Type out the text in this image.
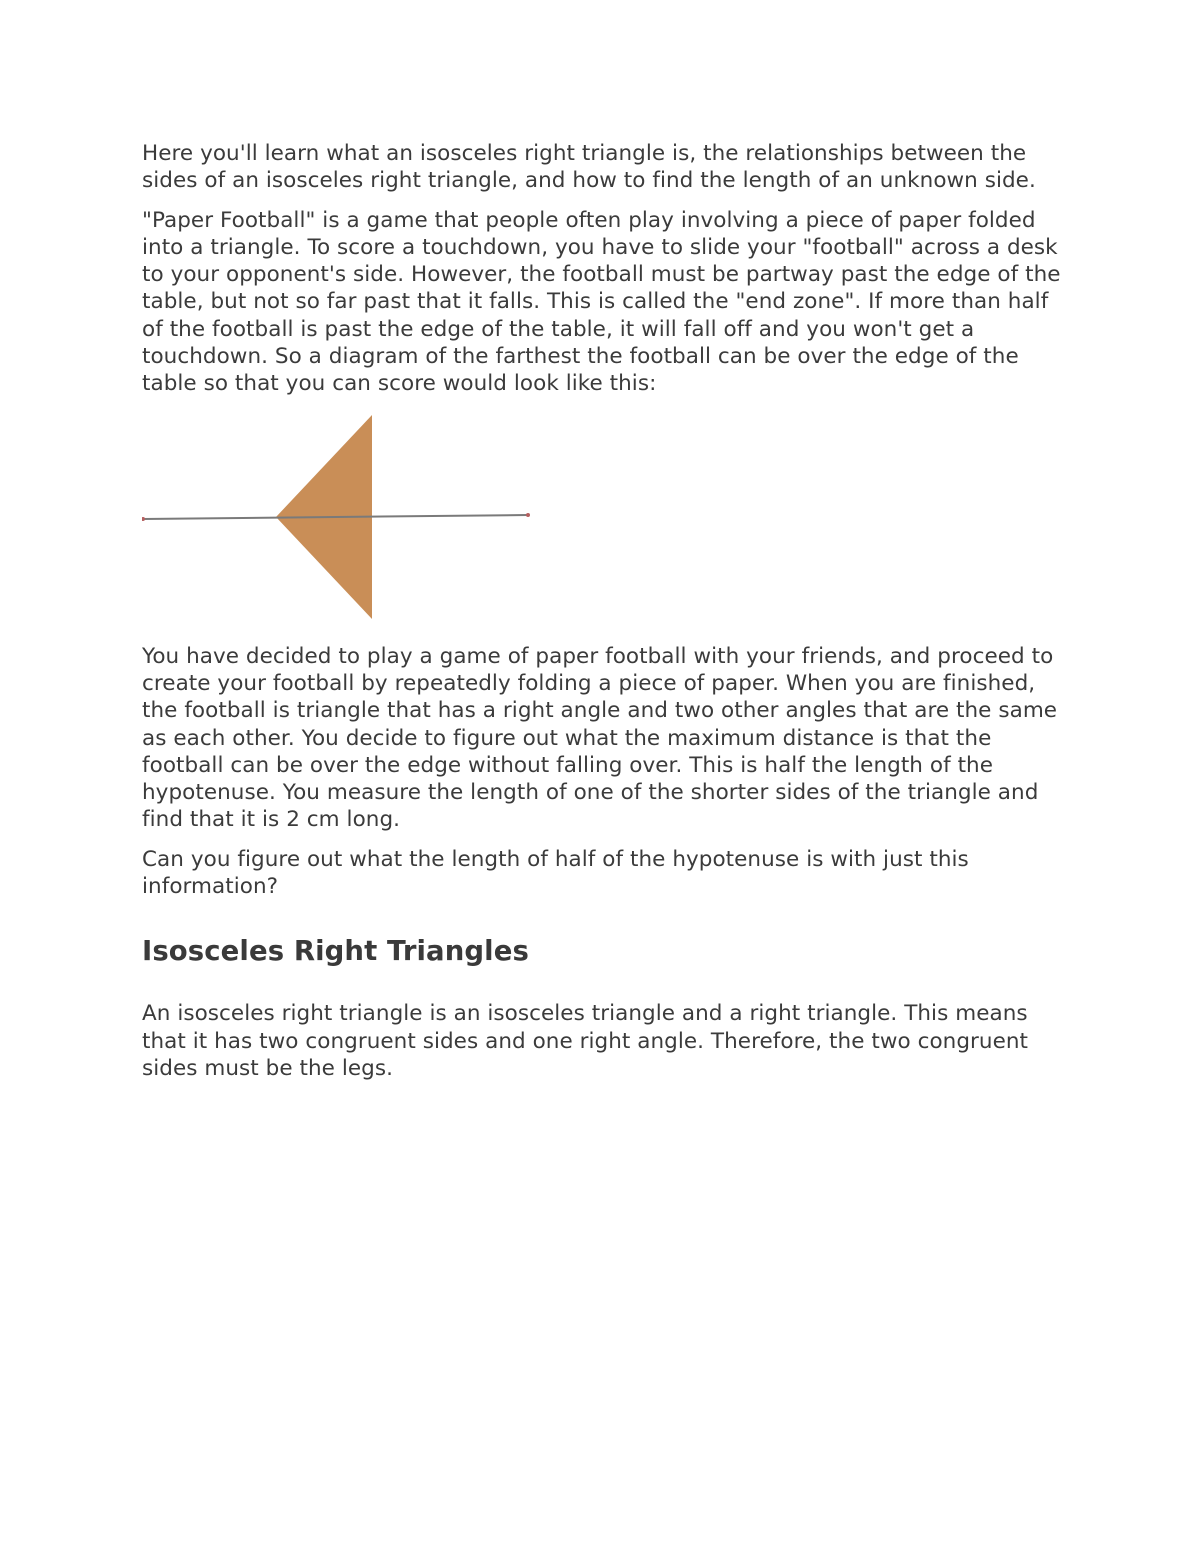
Here you'll learn what an isosceles right triangle is, the relationships between the sides of an isosceles right triangle, and how to find the length of an unknown side.

"Paper Football" is a game that people often play involving a piece of paper folded into a triangle. To score a touchdown, you have to slide your "football" across a desk to your opponent's side. However, the football must be partway past the edge of the table, but not so far past that it falls. This is called the "end zone". If more than half of the football is past the edge of the table, it will fall off and you won't get a touchdown. So a diagram of the farthest the football can be over the edge of the table so that you can score would look like this:

You have decided to play a game of paper football with your friends, and proceed to create your football by repeatedly folding a piece of paper. When you are finished, the football is triangle that has a right angle and two other angles that are the same as each other. You decide to figure out what the maximum distance is that the football can be over the edge without falling over. This is half the length of the hypotenuse. You measure the length of one of the shorter sides of the triangle and find that it is 2 cm long.

Can you figure out what the length of half of the hypotenuse is with just this information?

Isosceles Right Triangles

An isosceles right triangle is an isosceles triangle and a right triangle. This means that it has two congruent sides and one right angle. Therefore, the two congruent sides must be the legs.
